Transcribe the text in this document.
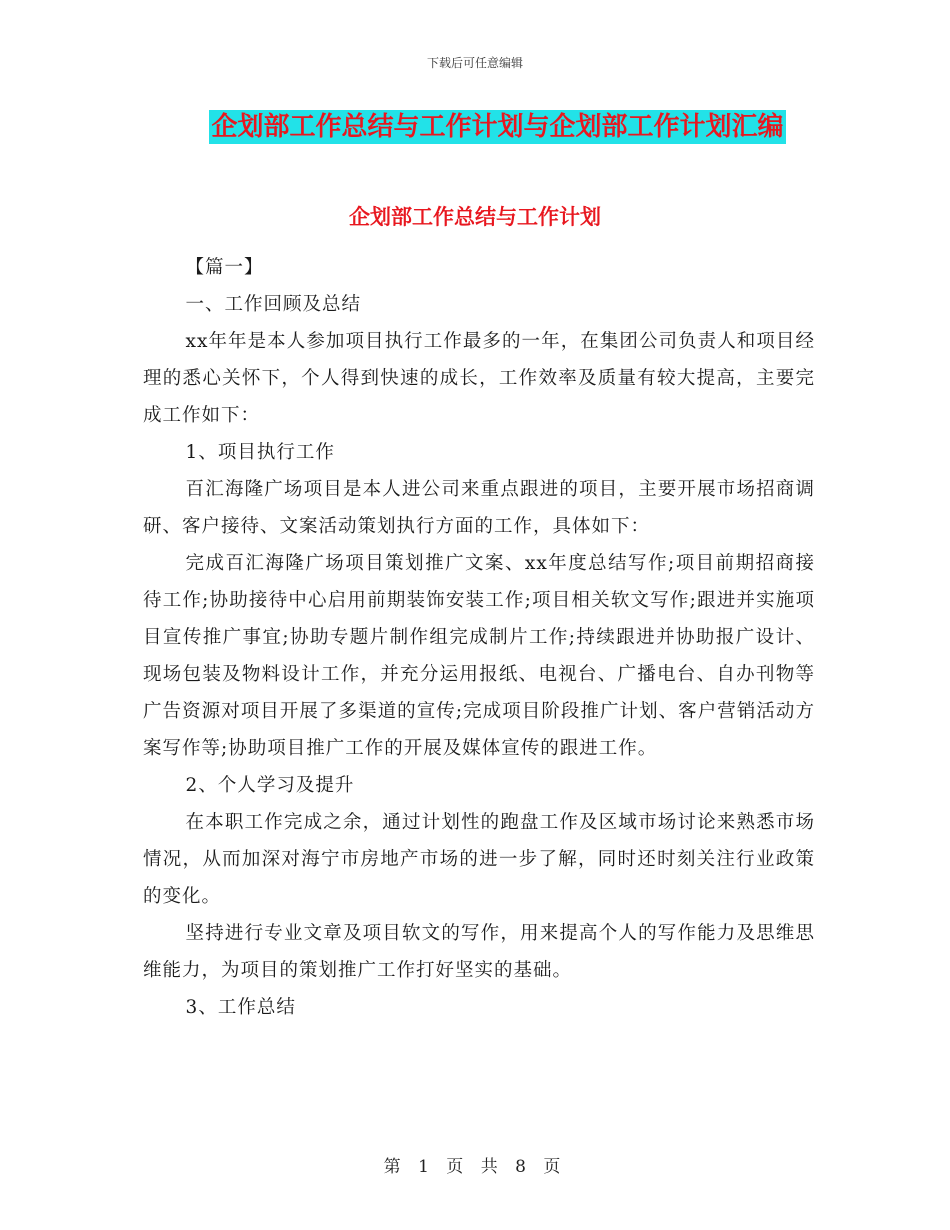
下载后可任意编辑
企划部工作总结与工作计划与企划部工作计划汇编
企划部工作总结与工作计划

【篇一】

一、工作回顾及总结

xx年年是本人参加项目执行工作最多的一年，在集团公司负责人和项目经理的悉心关怀下，个人得到快速的成长，工作效率及质量有较大提高，主要完成工作如下：

1、项目执行工作

百汇海隆广场项目是本人进公司来重点跟进的项目，主要开展市场招商调研、客户接待、文案活动策划执行方面的工作，具体如下：

完成百汇海隆广场项目策划推广文案、xx年度总结写作;项目前期招商接待工作;协助接待中心启用前期装饰安装工作;项目相关软文写作;跟进并实施项目宣传推广事宜;协助专题片制作组完成制片工作;持续跟进并协助报广设计、现场包装及物料设计工作，并充分运用报纸、电视台、广播电台、自办刊物等广告资源对项目开展了多渠道的宣传;完成项目阶段推广计划、客户营销活动方案写作等;协助项目推广工作的开展及媒体宣传的跟进工作。

2、个人学习及提升

在本职工作完成之余，通过计划性的跑盘工作及区域市场讨论来熟悉市场情况，从而加深对海宁市房地产市场的进一步了解，同时还时刻关注行业政策的变化。

坚持进行专业文章及项目软文的写作，用来提高个人的写作能力及思维思维能力，为项目的策划推广工作打好坚实的基础。

3、工作总结

第 1 页 共 8 页
